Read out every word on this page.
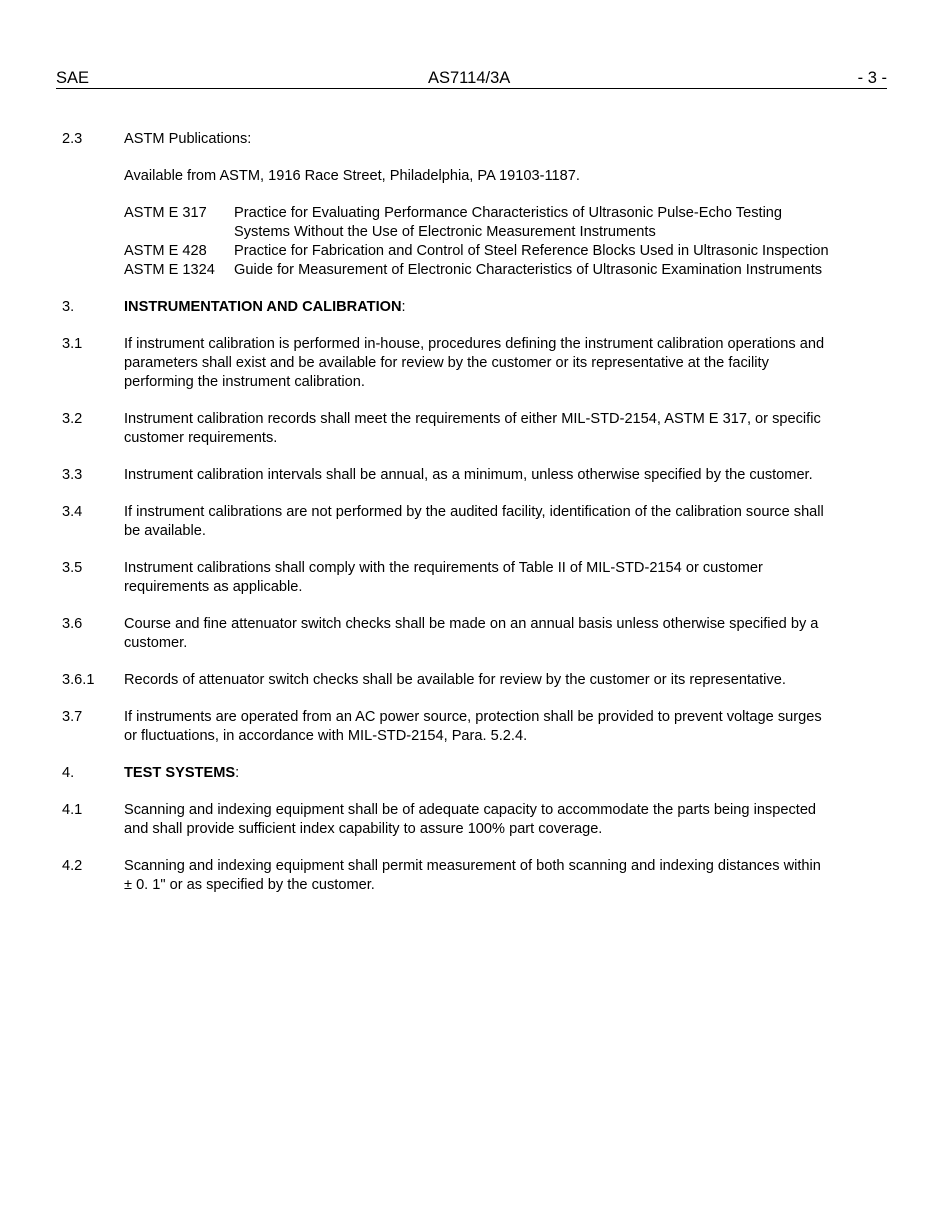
SAE	AS7114/3A	- 3 -
2.3	ASTM Publications:
Available from ASTM, 1916 Race Street, Philadelphia, PA 19103-1187.
ASTM E 317	Practice for Evaluating Performance Characteristics of Ultrasonic Pulse-Echo Testing Systems Without the Use of Electronic Measurement Instruments
ASTM E 428	Practice for Fabrication and Control of Steel Reference Blocks Used in Ultrasonic Inspection
ASTM E 1324	Guide for Measurement of Electronic Characteristics of Ultrasonic Examination Instruments
3.	INSTRUMENTATION AND CALIBRATION:
3.1	If instrument calibration is performed in-house, procedures defining the instrument calibration operations and parameters shall exist and be available for review by the customer or its representative at the facility performing the instrument calibration.
3.2	Instrument calibration records shall meet the requirements of either MIL-STD-2154, ASTM E 317, or specific customer requirements.
3.3	Instrument calibration intervals shall be annual, as a minimum, unless otherwise specified by the customer.
3.4	If instrument calibrations are not performed by the audited facility, identification of the calibration source shall be available.
3.5	Instrument calibrations shall comply with the requirements of Table II of MIL-STD-2154 or customer requirements as applicable.
3.6	Course and fine attenuator switch checks shall be made on an annual basis unless otherwise specified by a customer.
3.6.1	Records of attenuator switch checks shall be available for review by the customer or its representative.
3.7	If instruments are operated from an AC power source, protection shall be provided to prevent voltage surges or fluctuations, in accordance with MIL-STD-2154, Para. 5.2.4.
4.	TEST SYSTEMS:
4.1	Scanning and indexing equipment shall be of adequate capacity to accommodate the parts being inspected and shall provide sufficient index capability to assure 100% part coverage.
4.2	Scanning and indexing equipment shall permit measurement of both scanning and indexing distances within ± 0. 1" or as specified by the customer.
